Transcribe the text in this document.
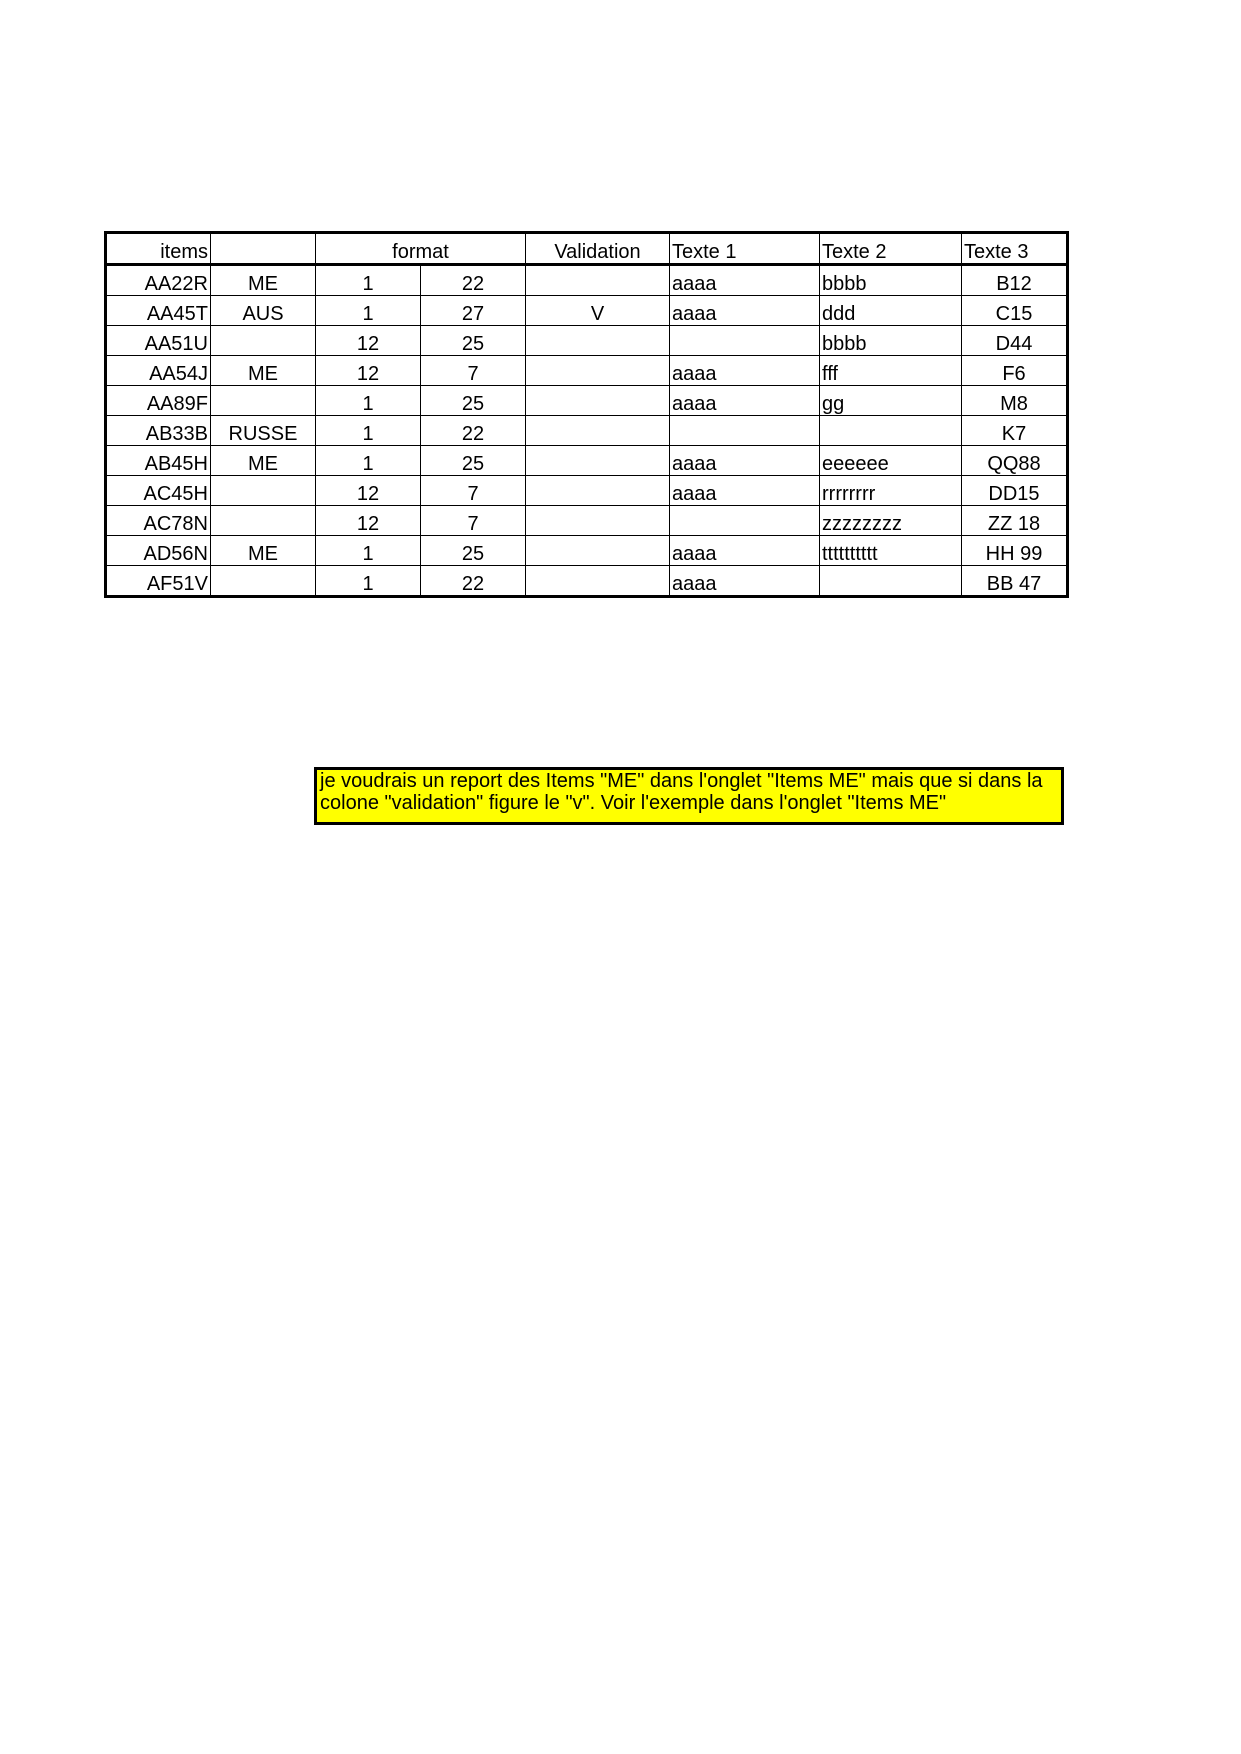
items		format		Validation	Texte 1	Texte 2	Texte 3
AA22R	ME	1	22		aaaa	bbbb	B12
AA45T	AUS	1	27	V	aaaa	ddd	C15
AA51U		12	25			bbbb	D44
AA54J	ME	12	7		aaaa	fff	F6
AA89F		1	25		aaaa	gg	M8
AB33B	RUSSE	1	22				K7
AB45H	ME	1	25		aaaa	eeeeee	QQ88
AC45H		12	7		aaaa	rrrrrrrr	DD15
AC78N		12	7			zzzzzzzz	ZZ 18
AD56N	ME	1	25		aaaa	tttttttttt	HH 99
AF51V		1	22		aaaa		BB 47
je voudrais un report des Items "ME" dans l'onglet "Items ME" mais que si dans la colone "validation" figure le "v". Voir l'exemple dans l'onglet "Items ME"
